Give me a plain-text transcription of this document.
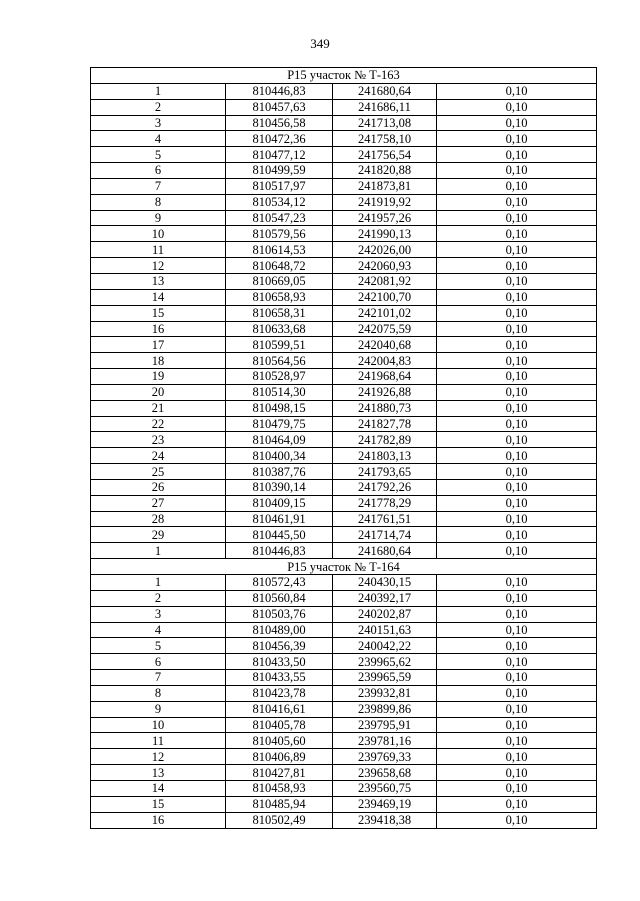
349
Р15 участок № Т-163			
1	810446,83	241680,64	0,10
2	810457,63	241686,11	0,10
3	810456,58	241713,08	0,10
4	810472,36	241758,10	0,10
5	810477,12	241756,54	0,10
6	810499,59	241820,88	0,10
7	810517,97	241873,81	0,10
8	810534,12	241919,92	0,10
9	810547,23	241957,26	0,10
10	810579,56	241990,13	0,10
11	810614,53	242026,00	0,10
12	810648,72	242060,93	0,10
13	810669,05	242081,92	0,10
14	810658,93	242100,70	0,10
15	810658,31	242101,02	0,10
16	810633,68	242075,59	0,10
17	810599,51	242040,68	0,10
18	810564,56	242004,83	0,10
19	810528,97	241968,64	0,10
20	810514,30	241926,88	0,10
21	810498,15	241880,73	0,10
22	810479,75	241827,78	0,10
23	810464,09	241782,89	0,10
24	810400,34	241803,13	0,10
25	810387,76	241793,65	0,10
26	810390,14	241792,26	0,10
27	810409,15	241778,29	0,10
28	810461,91	241761,51	0,10
29	810445,50	241714,74	0,10
1	810446,83	241680,64	0,10
Р15 участок № Т-164			
1	810572,43	240430,15	0,10
2	810560,84	240392,17	0,10
3	810503,76	240202,87	0,10
4	810489,00	240151,63	0,10
5	810456,39	240042,22	0,10
6	810433,50	239965,62	0,10
7	810433,55	239965,59	0,10
8	810423,78	239932,81	0,10
9	810416,61	239899,86	0,10
10	810405,78	239795,91	0,10
11	810405,60	239781,16	0,10
12	810406,89	239769,33	0,10
13	810427,81	239658,68	0,10
14	810458,93	239560,75	0,10
15	810485,94	239469,19	0,10
16	810502,49	239418,38	0,10
